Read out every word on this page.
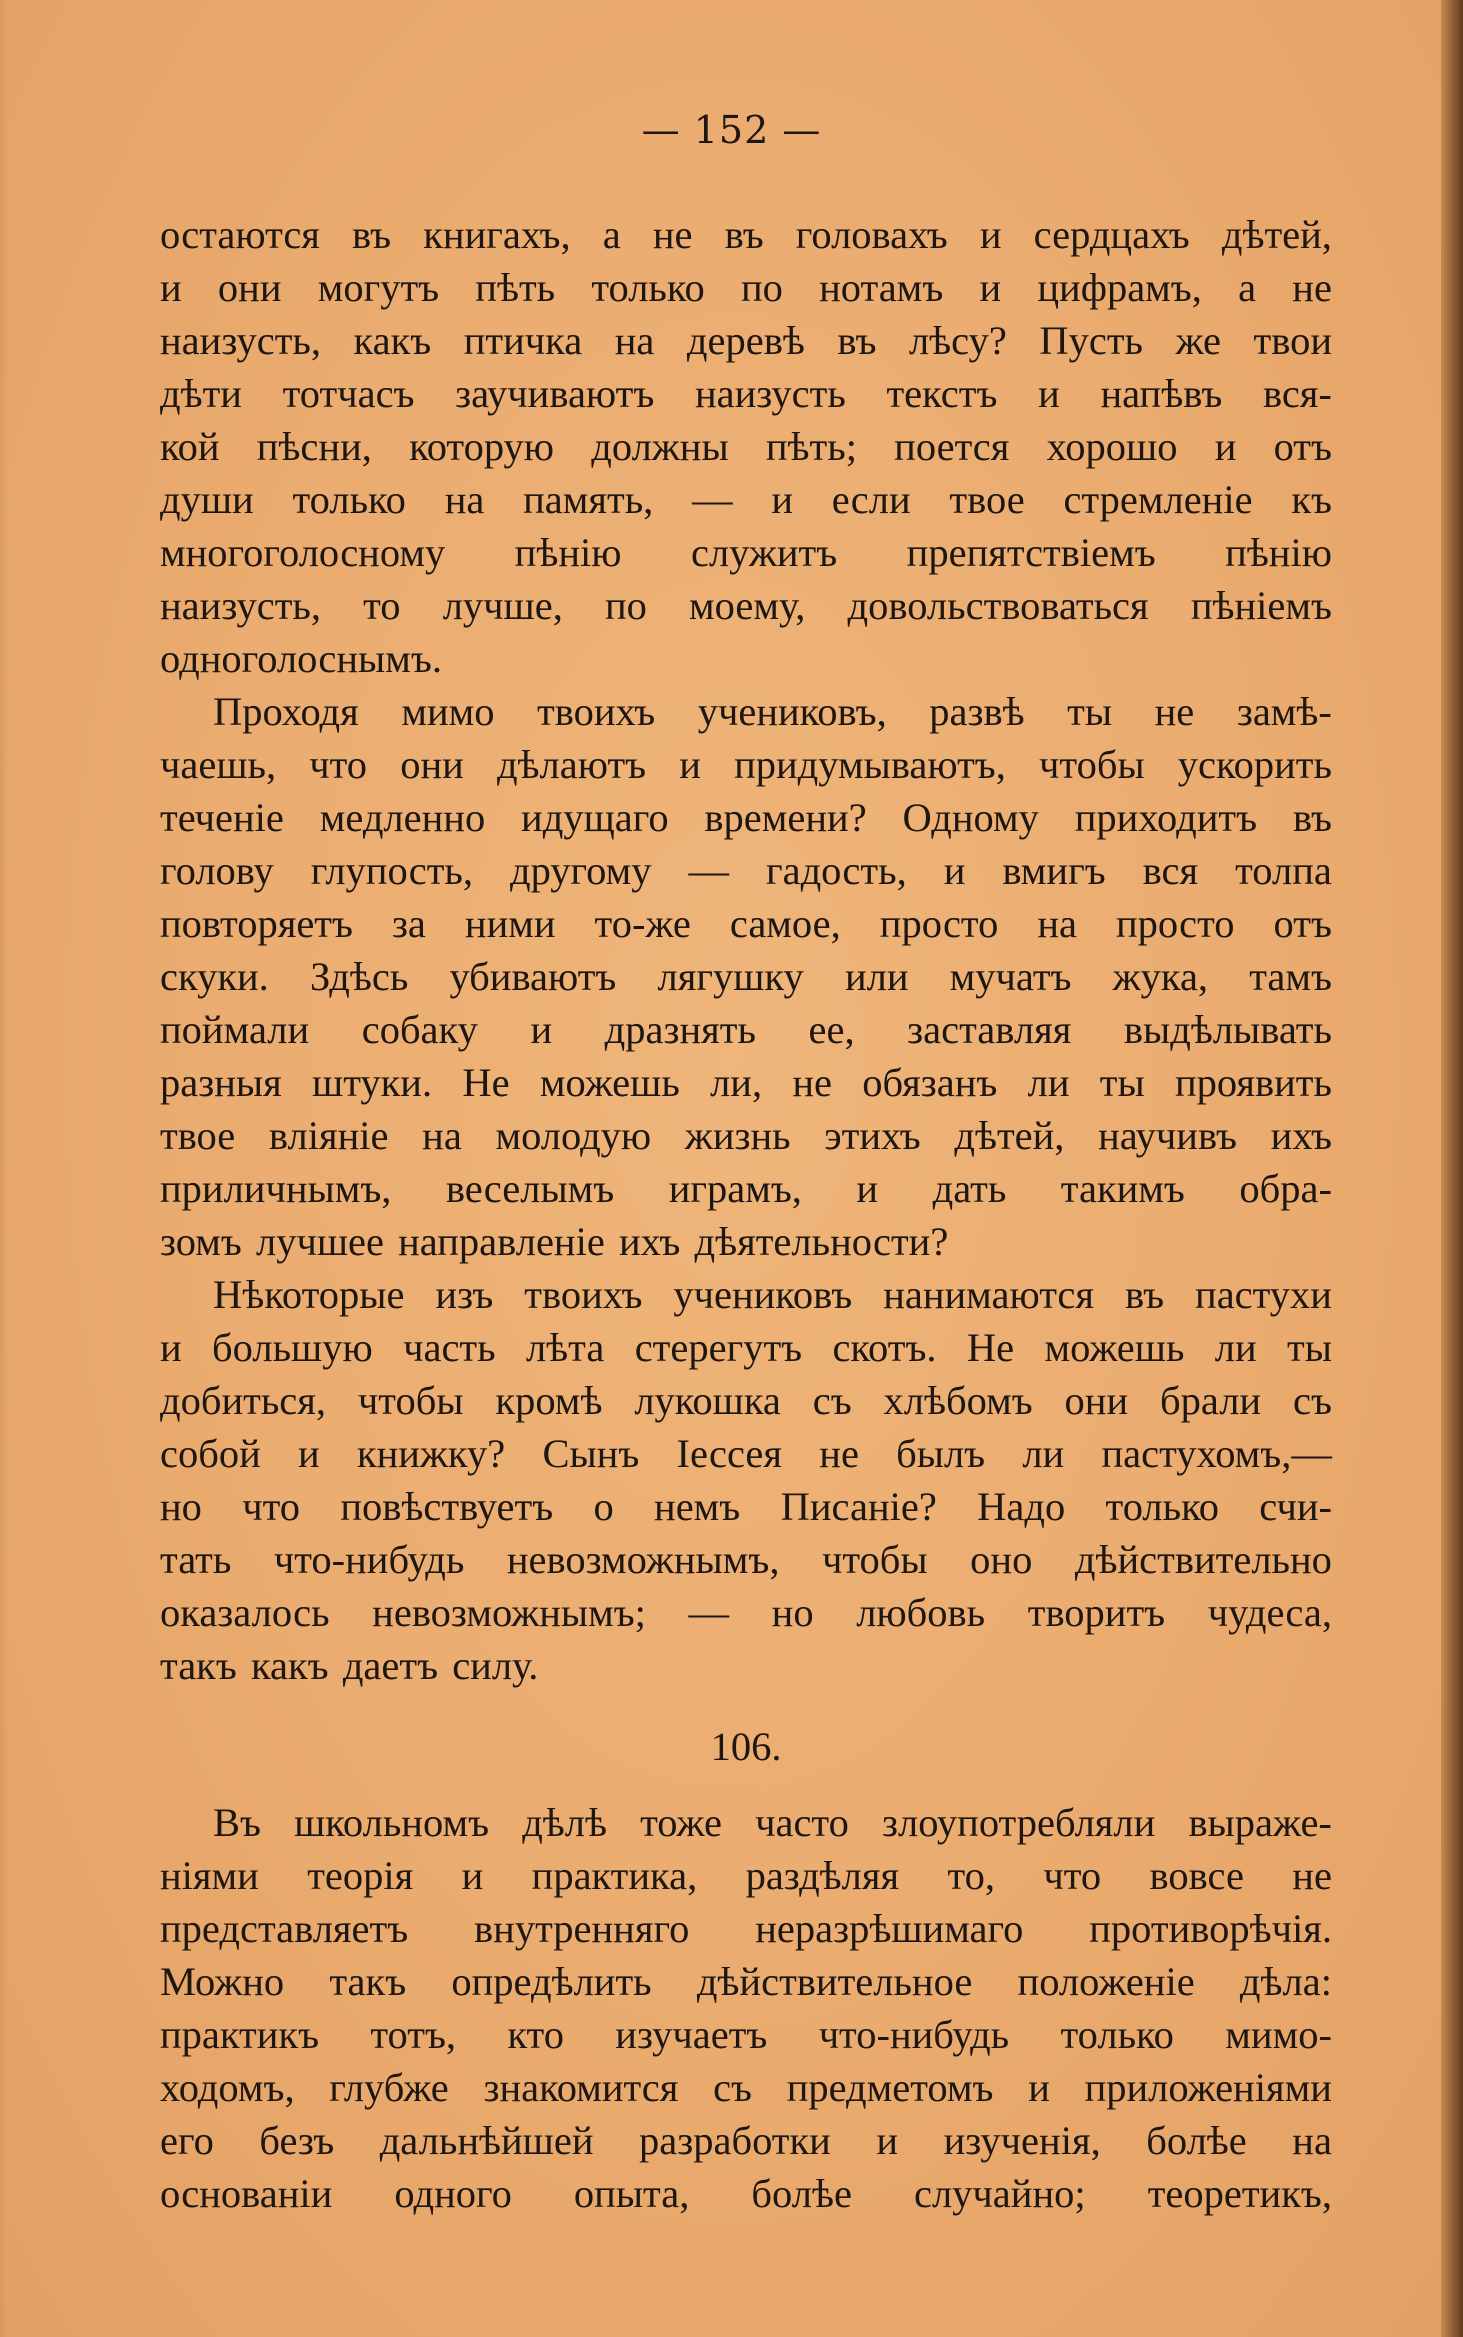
— 152 —
остаются въ книгахъ, а не въ головахъ и сердцахъ дѣтей,
и они могутъ пѣть только по нотамъ и цифрамъ, а не
наизусть, какъ птичка на деревѣ въ лѣсу? Пусть же твои
дѣти тотчасъ заучиваютъ наизусть текстъ и напѣвъ вся-
кой пѣсни, которую должны пѣть; поется хорошо и отъ
души только на память, — и если твое стремленіе къ
многоголосному пѣнію служитъ препятствіемъ пѣнію
наизусть, то лучше, по моему, довольствоваться пѣніемъ
одноголоснымъ.
Проходя мимо твоихъ учениковъ, развѣ ты не замѣ-
чаешь, что они дѣлаютъ и придумываютъ, чтобы ускорить
теченіе медленно идущаго времени? Одному приходитъ въ
голову глупость, другому — гадость, и вмигъ вся толпа
повторяетъ за ними то-же самое, просто на просто отъ
скуки. Здѣсь убиваютъ лягушку или мучатъ жука, тамъ
поймали собаку и дразнять ее, заставляя выдѣлывать
разныя штуки. Не можешь ли, не обязанъ ли ты проявить
твое вліяніе на молодую жизнь этихъ дѣтей, научивъ ихъ
приличнымъ, веселымъ играмъ, и дать такимъ обра-
зомъ лучшее направленіе ихъ дѣятельности?
Нѣкоторые изъ твоихъ учениковъ нанимаются въ пастухи
и большую часть лѣта стерегутъ скотъ. Не можешь ли ты
добиться, чтобы кромѣ лукошка съ хлѣбомъ они брали съ
собой и книжку? Сынъ Іессея не былъ ли пастухомъ,—
но что повѣствуетъ о немъ Писаніе? Надо только счи-
тать что-нибудь невозможнымъ, чтобы оно дѣйствительно
оказалось невозможнымъ; — но любовь творитъ чудеса,
такъ какъ даетъ силу.
106.
Въ школьномъ дѣлѣ тоже часто злоупотребляли выраже-
ніями теорія и практика, раздѣляя то, что вовсе не
представляетъ внутренняго неразрѣшимаго противорѣчія.
Можно такъ опредѣлить дѣйствительное положеніе дѣла:
практикъ тотъ, кто изучаетъ что-нибудь только мимо-
ходомъ, глубже знакомится съ предметомъ и приложеніями
его безъ дальнѣйшей разработки и изученія, болѣе на
основаніи одного опыта, болѣе случайно; теоретикъ,
